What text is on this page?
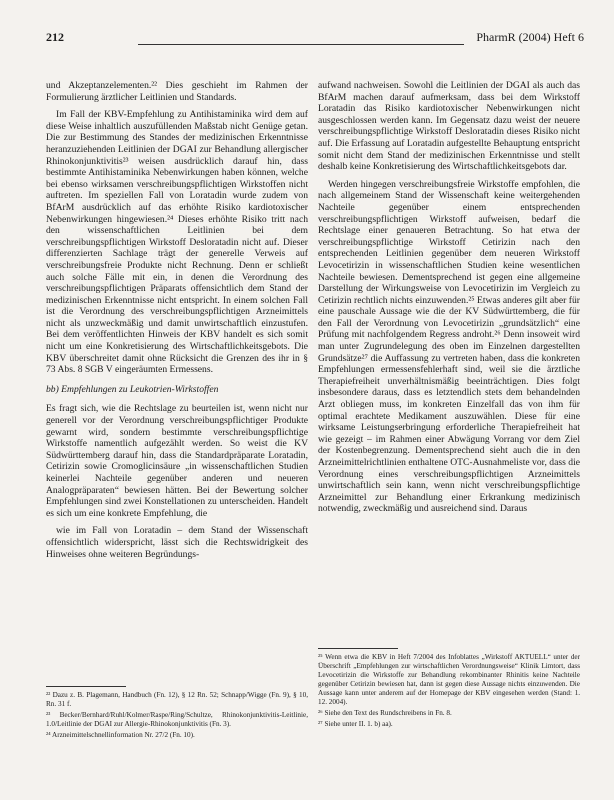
212	PharmR (2004) Heft 6

und Akzeptanzelementen.²² Dies geschieht im Rahmen der Formulierung ärztlicher Leitlinien und Standards.

Im Fall der KBV-Empfehlung zu Antihistaminika wird dem auf diese Weise inhaltlich auszufüllenden Maßstab nicht Genüge getan. Die zur Bestimmung des Standes der medizinischen Erkenntnisse heranzuziehenden Leitlinien der DGAI zur Behandlung allergischer Rhinokonjunktivitis²³ weisen ausdrücklich darauf hin, dass bestimmte Antihistaminika Nebenwirkungen haben können, welche bei ebenso wirksamen verschreibungspflichtigen Wirkstoffen nicht auftreten. Im speziellen Fall von Loratadin wurde zudem von BfArM ausdrücklich auf das erhöhte Risiko kardiotoxischer Nebenwirkungen hingewiesen.²⁴ Dieses erhöhte Risiko tritt nach den wissenschaftlichen Leitlinien bei dem verschreibungspflichtigen Wirkstoff Desloratadin nicht auf. Dieser differenzierten Sachlage trägt der generelle Verweis auf verschreibungsfreie Produkte nicht Rechnung. Denn er schließt auch solche Fälle mit ein, in denen die Verordnung des verschreibungspflichtigen Präparats offensichtlich dem Stand der medizinischen Erkenntnisse nicht entspricht. In einem solchen Fall ist die Verordnung des verschreibungspflichtigen Arzneimittels nicht als unzweckmäßig und damit unwirtschaftlich einzustufen. Bei dem veröffentlichten Hinweis der KBV handelt es sich somit nicht um eine Konkretisierung des Wirtschaftlichkeitsgebots. Die KBV überschreitet damit ohne Rücksicht die Grenzen des ihr in § 73 Abs. 8 SGB V eingeräumten Ermessens.

bb) Empfehlungen zu Leukotrien-Wirkstoffen

Es fragt sich, wie die Rechtslage zu beurteilen ist, wenn nicht nur generell vor der Verordnung verschreibungspflichtiger Produkte gewarnt wird, sondern bestimmte verschreibungspflichtige Wirkstoffe namentlich aufgezählt werden. So weist die KV Südwürttemberg darauf hin, dass die Standardpräparate Loratadin, Cetirizin sowie Cromoglicinsäure „in wissenschaftlichen Studien keinerlei Nachteile gegenüber anderen und neueren Analogpräparaten“ bewiesen hätten. Bei der Bewertung solcher Empfehlungen sind zwei Konstellationen zu unterscheiden. Handelt es sich um eine konkrete Empfehlung, die

wie im Fall von Loratadin – dem Stand der Wissenschaft offensichtlich widerspricht, lässt sich die Rechtswidrigkeit des Hinweises ohne weiteren Begründungs-

aufwand nachweisen. Sowohl die Leitlinien der DGAI als auch das BfArM machen darauf aufmerksam, dass bei dem Wirkstoff Loratadin das Risiko kardiotoxischer Nebenwirkungen nicht ausgeschlossen werden kann. Im Gegensatz dazu weist der neuere verschreibungspflichtige Wirkstoff Desloratadin dieses Risiko nicht auf. Die Erfassung auf Loratadin aufgestellte Behauptung entspricht somit nicht dem Stand der medizinischen Erkenntnisse und stellt deshalb keine Konkretisierung des Wirtschaftlichkeitsgebots dar.

Werden hingegen verschreibungsfreie Wirkstoffe empfohlen, die nach allgemeinem Stand der Wissenschaft keine weitergehenden Nachteile gegenüber einem entsprechenden verschreibungspflichtigen Wirkstoff aufweisen, bedarf die Rechtslage einer genaueren Betrachtung. So hat etwa der verschreibungspflichtige Wirkstoff Cetirizin nach den entsprechenden Leitlinien gegenüber dem neueren Wirkstoff Levocetirizin in wissenschaftlichen Studien keine wesentlichen Nachteile bewiesen. Dementsprechend ist gegen eine allgemeine Darstellung der Wirkungsweise von Levocetirizin im Vergleich zu Cetirizin rechtlich nichts einzuwenden.²⁵ Etwas anderes gilt aber für eine pauschale Aussage wie die der KV Südwürttemberg, die für den Fall der Verordnung von Levocetirizin „grundsätzlich“ eine Prüfung mit nachfolgendem Regress androht.²⁶ Denn insoweit wird man unter Zugrundelegung des oben im Einzelnen dargestellten Grundsätze²⁷ die Auffassung zu vertreten haben, dass die konkreten Empfehlungen ermessensfehlerhaft sind, weil sie die ärztliche Therapiefreiheit unverhältnismäßig beeinträchtigen. Dies folgt insbesondere daraus, dass es letztendlich stets dem behandelnden Arzt obliegen muss, im konkreten Einzelfall das von ihm für optimal erachtete Medikament auszuwählen. Diese für eine wirksame Leistungserbringung erforderliche Therapiefreiheit hat wie gezeigt – im Rahmen einer Abwägung Vorrang vor dem Ziel der Kostenbegrenzung. Dementsprechend sieht auch die in den Arzneimittelrichtlinien enthaltene OTC-Ausnahmeliste vor, dass die Verordnung eines verschreibungspflichtigen Arzneimittels unwirtschaftlich sein kann, wenn nicht verschreibungspflichtige Arzneimittel zur Behandlung einer Erkrankung medizinisch notwendig, zweckmäßig und ausreichend sind. Daraus

²² Dazu z. B. Plagemann, Handbuch (Fn. 12), § 12 Rn. 52; Schnapp/Wigge (Fn. 9), § 10, Rn. 31 f.
²³ Becker/Bernhard/Ruhl/Kolmer/Raspe/Ring/Schultze, Rhinokonjunktivitis-Leitlinie, 1.0/Leitlinie der DGAI zur Allergie-Rhinokonjunktivitis (Fn. 3).
²⁴ Arzneimittelschnellinformation Nr. 27/2 (Fn. 10).
²⁵ Wenn etwa die KBV in Heft 7/2004 des Infoblattes „Wirkstoff AKTUELL“ unter der Überschrift „Empfehlungen zur wirtschaftlichen Verordnungsweise“ Klinik Limtort, dass Levocetirizin die Wirkstoffe zur Behandlung rekombinanter Rhinitis keine Nachteile gegenüber Cetirizin bewiesen hat, dann ist gegen diese Aussage nichts einzuwenden. Die Aussage kann unter anderem auf der Homepage der KBV eingesehen werden (Stand: 1. 12. 2004).
²⁶ Siehe den Text des Rundschreibens in Fn. 8.
²⁷ Siehe unter II. 1. b) aa).
